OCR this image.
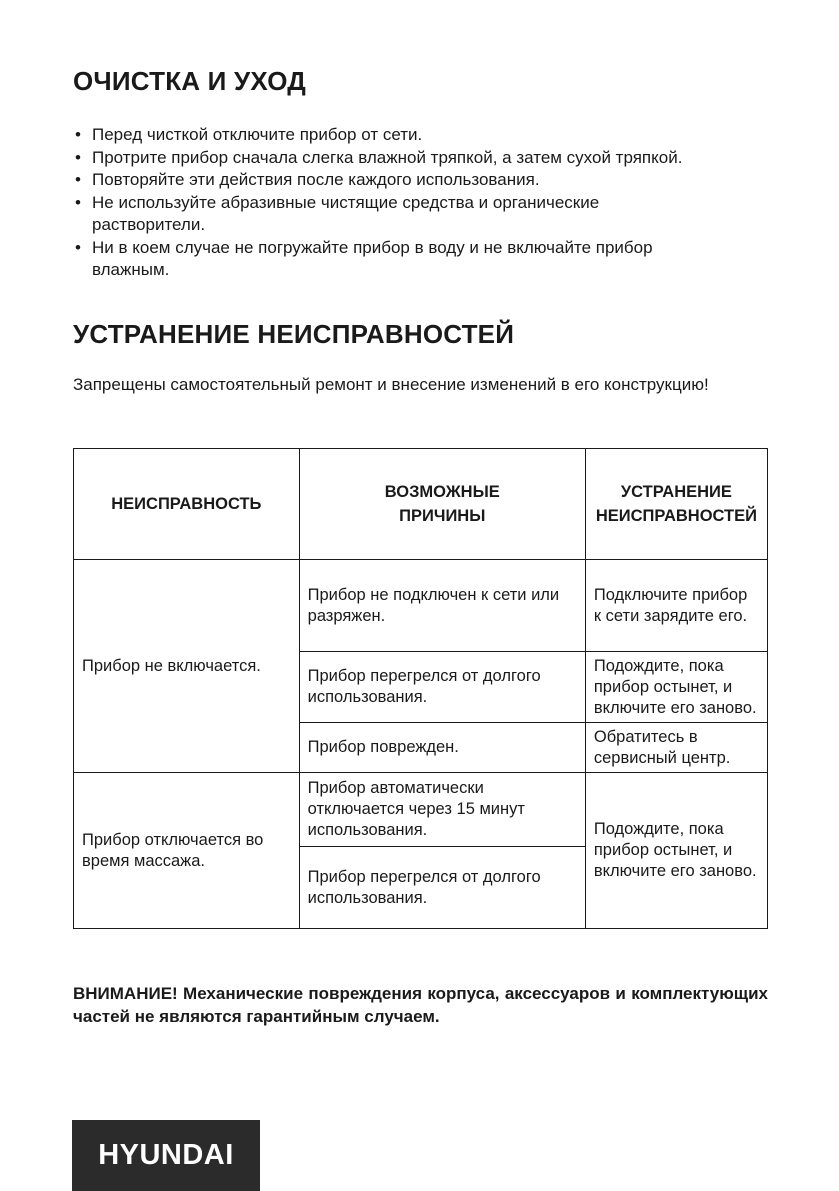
ОЧИСТКА И УХОД
• Перед чисткой отключите прибор от сети.
• Протрите прибор сначала слегка влажной тряпкой, а затем сухой тряпкой.
• Повторяйте эти действия после каждого использования.
• Не используйте абразивные чистящие средства и органические растворители.
• Ни в коем случае не погружайте прибор в воду и не включайте прибор влажным.
УСТРАНЕНИЕ НЕИСПРАВНОСТЕЙ

Запрещены самостоятельный ремонт и внесение изменений в его конструкцию!

НЕИСПРАВНОСТЬ	ВОЗМОЖНЫЕ ПРИЧИНЫ	УСТРАНЕНИЕ НЕИСПРАВНОСТЕЙ
Прибор не включается.	Прибор не подключен к сети или разряжен.	Подключите прибор к сети зарядите его.
	Прибор перегрелся от долгого использования.	Подождите, пока прибор остынет, и включите его заново.
	Прибор поврежден.	Обратитесь в сервисный центр.
Прибор отключается во время массажа.	Прибор автоматически отключается через 15 минут использования.	Подождите, пока прибор остынет, и включите его заново.
	Прибор перегрелся от долгого использования.	

ВНИМАНИЕ! Механические повреждения корпуса, аксессуаров и комплектующих частей не являются гарантийным случаем.

HYUNDAI
